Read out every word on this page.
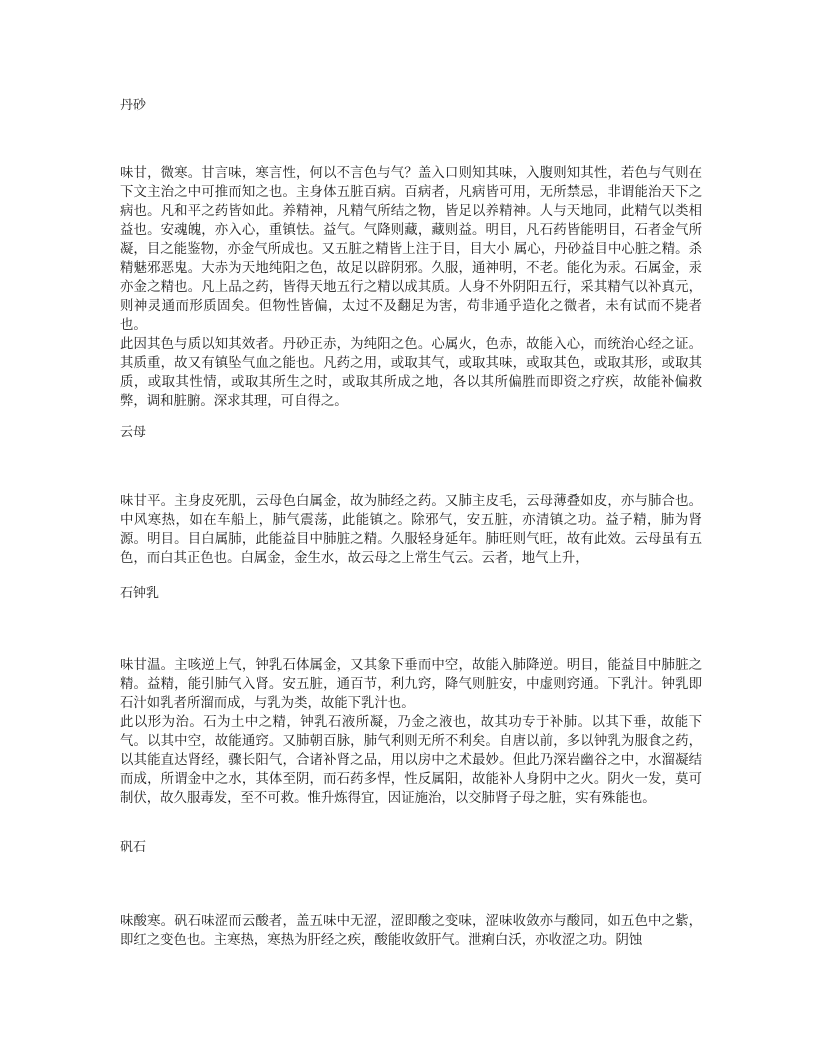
丹砂

味甘，微寒。甘言味，寒言性，何以不言色与气？盖入口则知其味，入腹则知其性，若色与气则在下文主治之中可推而知之也。主身体五脏百病。百病者，凡病皆可用，无所禁忌，非谓能治天下之病也。凡和平之药皆如此。养精神，凡精气所结之物，皆足以养精神。人与天地同，此精气以类相益也。安魂魄，亦入心，重镇怯。益气。气降则藏，藏则益。明目，凡石药皆能明目，石者金气所凝，目之能鉴物，亦金气所成也。又五脏之精皆上注于目，目大小 属心，丹砂益目中心脏之精。杀精魅邪恶鬼。大赤为天地纯阳之色，故足以辟阴邪。久服，通神明，不老。能化为汞。石属金，汞亦金之精也。凡上品之药，皆得天地五行之精以成其质。人身不外阴阳五行，采其精气以补真元，则神灵通而形质固矣。但物性皆偏，太过不及翻足为害，苟非通乎造化之微者，未有试而不毙者也。

此因其色与质以知其效者。丹砂正赤，为纯阳之色。心属火，色赤，故能入心，而统治心经之证。其质重，故又有镇坠气血之能也。凡药之用，或取其气，或取其味，或取其色，或取其形，或取其质，或取其性情，或取其所生之时，或取其所成之地，各以其所偏胜而即资之疗疾，故能补偏救弊，调和脏腑。深求其理，可自得之。

云母

味甘平。主身皮死肌，云母色白属金，故为肺经之药。又肺主皮毛，云母薄叠如皮，亦与肺合也。中风寒热，如在车船上，肺气震荡，此能镇之。除邪气，安五脏，亦清镇之功。益子精，肺为肾源。明目。目白属肺，此能益目中肺脏之精。久服轻身延年。肺旺则气旺，故有此效。云母虽有五色，而白其正色也。白属金，金生水，故云母之上常生气云。云者，地气上升，

石钟乳

味甘温。主咳逆上气，钟乳石体属金，又其象下垂而中空，故能入肺降逆。明目，能益目中肺脏之精。益精，能引肺气入肾。安五脏，通百节，利九窍，降气则脏安，中虚则窍通。下乳汁。钟乳即石汁如乳者所溜而成，与乳为类，故能下乳汁也。

此以形为治。石为土中之精，钟乳石液所凝，乃金之液也，故其功专于补肺。以其下垂，故能下气。以其中空，故能通窍。又肺朝百脉，肺气利则无所不利矣。自唐以前，多以钟乳为服食之药，以其能直达肾经，骤长阳气，合诸补肾之品，用以房中之术最妙。但此乃深岩幽谷之中，水溜凝结而成，所谓金中之水，其体至阴，而石药多悍，性反属阳，故能补人身阴中之火。阴火一发，莫可制伏，故久服毒发，至不可救。惟升炼得宜，因证施治，以交肺肾子母之脏，实有殊能也。

矾石

味酸寒。矾石味涩而云酸者，盖五味中无涩，涩即酸之变味，涩味收敛亦与酸同，如五色中之紫，即红之变色也。主寒热，寒热为肝经之疾，酸能收敛肝气。泄痢白沃，亦收涩之功。阴蚀
